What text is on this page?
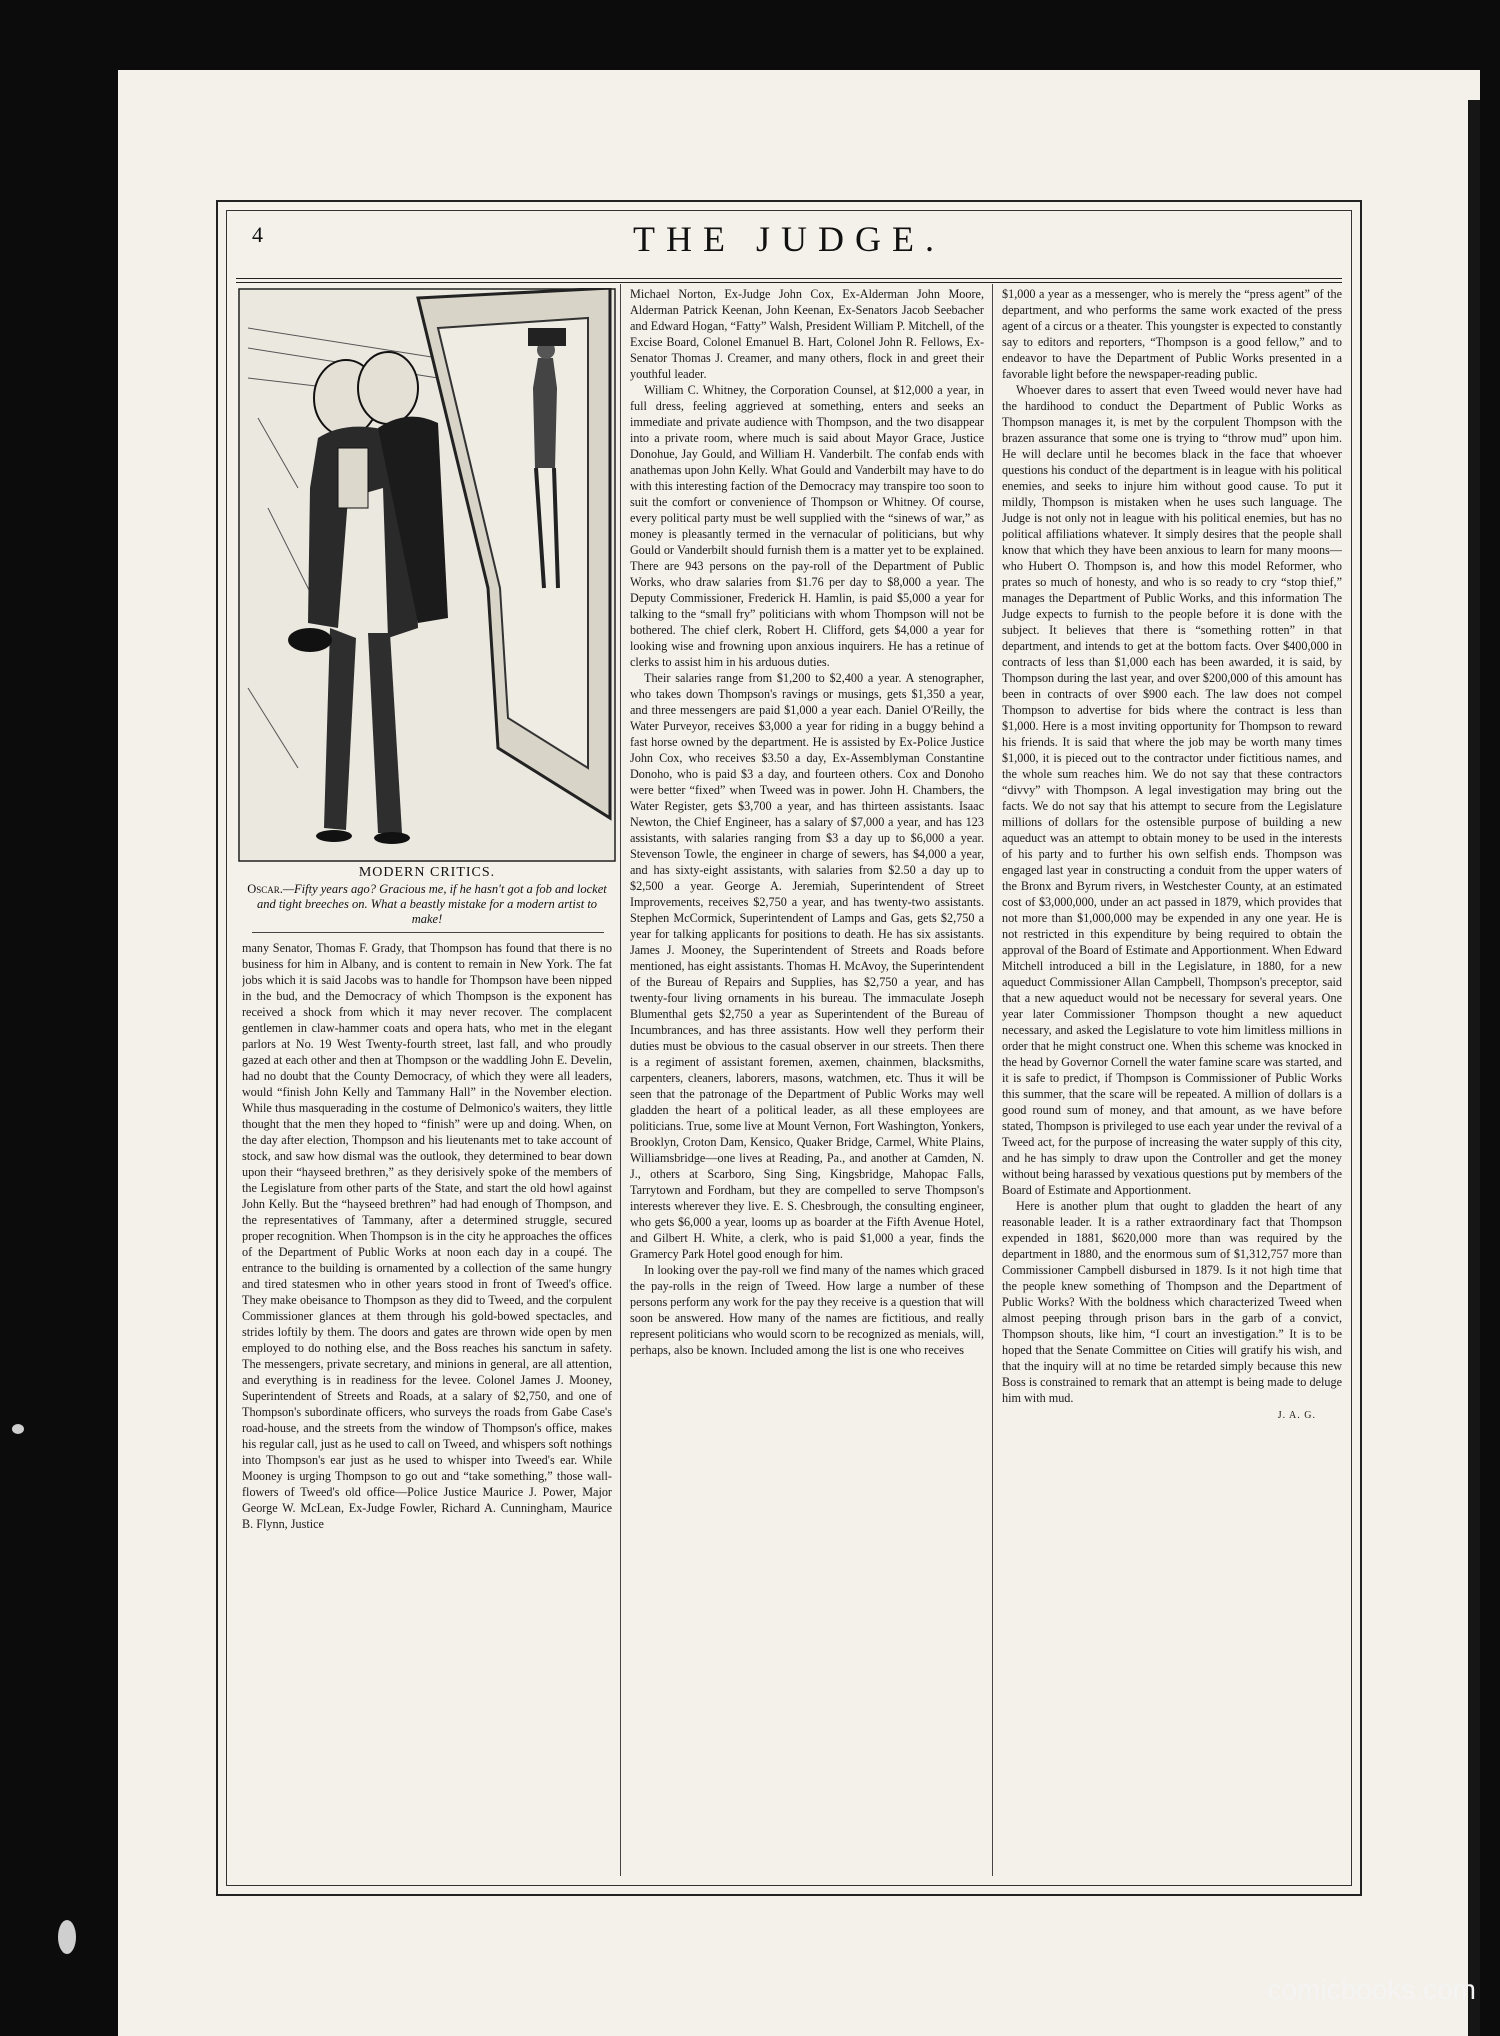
4	THE JUDGE.
MODERN CRITICS.
Oscar.—Fifty years ago? Gracious me, if he hasn't got a fob and locket and tight breeches on. What a beastly mistake for a modern artist to make!

many Senator, Thomas F. Grady, that Thompson has found that there is no business for him in Albany, and is content to remain in New York. The fat jobs which it is said Jacobs was to handle for Thompson have been nipped in the bud, and the Democracy of which Thompson is the exponent has received a shock from which it may never recover. The complacent gentlemen in claw-hammer coats and opera hats, who met in the elegant parlors at No. 19 West Twenty-fourth street, last fall, and who proudly gazed at each other and then at Thompson or the waddling John E. Develin, had no doubt that the County Democracy, of which they were all leaders, would “finish John Kelly and Tammany Hall” in the November election. While thus masquerading in the costume of Delmonico's waiters, they little thought that the men they hoped to “finish” were up and doing. When, on the day after election, Thompson and his lieutenants met to take account of stock, and saw how dismal was the outlook, they determined to bear down upon their “hayseed brethren,” as they derisively spoke of the members of the Legislature from other parts of the State, and start the old howl against John Kelly. But the “hayseed brethren” had had enough of Thompson, and the representatives of Tammany, after a determined struggle, secured proper recognition. When Thompson is in the city he approaches the offices of the Department of Public Works at noon each day in a coupé. The entrance to the building is ornamented by a collection of the same hungry and tired statesmen who in other years stood in front of Tweed's office. They make obeisance to Thompson as they did to Tweed, and the corpulent Commissioner glances at them through his gold-bowed spectacles, and strides loftily by them. The doors and gates are thrown wide open by men employed to do nothing else, and the Boss reaches his sanctum in safety. The messengers, private secretary, and minions in general, are all attention, and everything is in readiness for the levee. Colonel James J. Mooney, Superintendent of Streets and Roads, at a salary of $2,750, and one of Thompson's subordinate officers, who surveys the roads from Gabe Case's road-house, and the streets from the window of Thompson's office, makes his regular call, just as he used to call on Tweed, and whispers soft nothings into Thompson's ear just as he used to whisper into Tweed's ear. While Mooney is urging Thompson to go out and “take something,” those wall-flowers of Tweed's old office—Police Justice Maurice J. Power, Major George W. McLean, Ex-Judge Fowler, Richard A. Cunningham, Maurice B. Flynn, Justice

Michael Norton, Ex-Judge John Cox, Ex-Alderman John Moore, Alderman Patrick Keenan, John Keenan, Ex-Senators Jacob Seebacher and Edward Hogan, “Fatty” Walsh, President William P. Mitchell, of the Excise Board, Colonel Emanuel B. Hart, Colonel John R. Fellows, Ex-Senator Thomas J. Creamer, and many others, flock in and greet their youthful leader.

William C. Whitney, the Corporation Counsel, at $12,000 a year, in full dress, feeling aggrieved at something, enters and seeks an immediate and private audience with Thompson, and the two disappear into a private room, where much is said about Mayor Grace, Justice Donohue, Jay Gould, and William H. Vanderbilt. The confab ends with anathemas upon John Kelly. What Gould and Vanderbilt may have to do with this interesting faction of the Democracy may transpire too soon to suit the comfort or convenience of Thompson or Whitney. Of course, every political party must be well supplied with the “sinews of war,” as money is pleasantly termed in the vernacular of politicians, but why Gould or Vanderbilt should furnish them is a matter yet to be explained. There are 943 persons on the pay-roll of the Department of Public Works, who draw salaries from $1.76 per day to $8,000 a year. The Deputy Commissioner, Frederick H. Hamlin, is paid $5,000 a year for talking to the “small fry” politicians with whom Thompson will not be bothered. The chief clerk, Robert H. Clifford, gets $4,000 a year for looking wise and frowning upon anxious inquirers. He has a retinue of clerks to assist him in his arduous duties.

Their salaries range from $1,200 to $2,400 a year. A stenographer, who takes down Thompson's ravings or musings, gets $1,350 a year, and three messengers are paid $1,000 a year each. Daniel O'Reilly, the Water Purveyor, receives $3,000 a year for riding in a buggy behind a fast horse owned by the department. He is assisted by Ex-Police Justice John Cox, who receives $3.50 a day, Ex-Assemblyman Constantine Donoho, who is paid $3 a day, and fourteen others. Cox and Donoho were better “fixed” when Tweed was in power. John H. Chambers, the Water Register, gets $3,700 a year, and has thirteen assistants. Isaac Newton, the Chief Engineer, has a salary of $7,000 a year, and has 123 assistants, with salaries ranging from $3 a day up to $6,000 a year. Stevenson Towle, the engineer in charge of sewers, has $4,000 a year, and has sixty-eight assistants, with salaries from $2.50 a day up to $2,500 a year. George A. Jeremiah, Superintendent of Street Improvements, receives $2,750 a year, and has twenty-two assistants. Stephen McCormick, Superintendent of Lamps and Gas, gets $2,750 a year for talking applicants for positions to death. He has six assistants. James J. Mooney, the Superintendent of Streets and Roads before mentioned, has eight assistants. Thomas H. McAvoy, the Superintendent of the Bureau of Repairs and Supplies, has $2,750 a year, and has twenty-four living ornaments in his bureau. The immaculate Joseph Blumenthal gets $2,750 a year as Superintendent of the Bureau of Incumbrances, and has three assistants. How well they perform their duties must be obvious to the casual observer in our streets. Then there is a regiment of assistant foremen, axemen, chainmen, blacksmiths, carpenters, cleaners, laborers, masons, watchmen, etc. Thus it will be seen that the patronage of the Department of Public Works may well gladden the heart of a political leader, as all these employees are politicians. True, some live at Mount Vernon, Fort Washington, Yonkers, Brooklyn, Croton Dam, Kensico, Quaker Bridge, Carmel, White Plains, Williamsbridge—one lives at Reading, Pa., and another at Camden, N. J., others at Scarboro, Sing Sing, Kingsbridge, Mahopac Falls, Tarrytown and Fordham, but they are compelled to serve Thompson's interests wherever they live. E. S. Chesbrough, the consulting engineer, who gets $6,000 a year, looms up as boarder at the Fifth Avenue Hotel, and Gilbert H. White, a clerk, who is paid $1,000 a year, finds the Gramercy Park Hotel good enough for him.

In looking over the pay-roll we find many of the names which graced the pay-rolls in the reign of Tweed. How large a number of these persons perform any work for the pay they receive is a question that will soon be answered. How many of the names are fictitious, and really represent politicians who would scorn to be recognized as menials, will, perhaps, also be known. Included among the list is one who receives

$1,000 a year as a messenger, who is merely the “press agent” of the department, and who performs the same work exacted of the press agent of a circus or a theater. This youngster is expected to constantly say to editors and reporters, “Thompson is a good fellow,” and to endeavor to have the Department of Public Works presented in a favorable light before the newspaper-reading public.

Whoever dares to assert that even Tweed would never have had the hardihood to conduct the Department of Public Works as Thompson manages it, is met by the corpulent Thompson with the brazen assurance that some one is trying to “throw mud” upon him. He will declare until he becomes black in the face that whoever questions his conduct of the department is in league with his political enemies, and seeks to injure him without good cause. To put it mildly, Thompson is mistaken when he uses such language. The Judge is not only not in league with his political enemies, but has no political affiliations whatever. It simply desires that the people shall know that which they have been anxious to learn for many moons—who Hubert O. Thompson is, and how this model Reformer, who prates so much of honesty, and who is so ready to cry “stop thief,” manages the Department of Public Works, and this information The Judge expects to furnish to the people before it is done with the subject. It believes that there is “something rotten” in that department, and intends to get at the bottom facts. Over $400,000 in contracts of less than $1,000 each has been awarded, it is said, by Thompson during the last year, and over $200,000 of this amount has been in contracts of over $900 each. The law does not compel Thompson to advertise for bids where the contract is less than $1,000. Here is a most inviting opportunity for Thompson to reward his friends. It is said that where the job may be worth many times $1,000, it is pieced out to the contractor under fictitious names, and the whole sum reaches him. We do not say that these contractors “divvy” with Thompson. A legal investigation may bring out the facts. We do not say that his attempt to secure from the Legislature millions of dollars for the ostensible purpose of building a new aqueduct was an attempt to obtain money to be used in the interests of his party and to further his own selfish ends. Thompson was engaged last year in constructing a conduit from the upper waters of the Bronx and Byrum rivers, in Westchester County, at an estimated cost of $3,000,000, under an act passed in 1879, which provides that not more than $1,000,000 may be expended in any one year. He is not restricted in this expenditure by being required to obtain the approval of the Board of Estimate and Apportionment. When Edward Mitchell introduced a bill in the Legislature, in 1880, for a new aqueduct Commissioner Allan Campbell, Thompson's preceptor, said that a new aqueduct would not be necessary for several years. One year later Commissioner Thompson thought a new aqueduct necessary, and asked the Legislature to vote him limitless millions in order that he might construct one. When this scheme was knocked in the head by Governor Cornell the water famine scare was started, and it is safe to predict, if Thompson is Commissioner of Public Works this summer, that the scare will be repeated. A million of dollars is a good round sum of money, and that amount, as we have before stated, Thompson is privileged to use each year under the revival of a Tweed act, for the purpose of increasing the water supply of this city, and he has simply to draw upon the Controller and get the money without being harassed by vexatious questions put by members of the Board of Estimate and Apportionment.

Here is another plum that ought to gladden the heart of any reasonable leader. It is a rather extraordinary fact that Thompson expended in 1881, $620,000 more than was required by the department in 1880, and the enormous sum of $1,312,757 more than Commissioner Campbell disbursed in 1879. Is it not high time that the people knew something of Thompson and the Department of Public Works? With the boldness which characterized Tweed when almost peeping through prison bars in the garb of a convict, Thompson shouts, like him, “I court an investigation.” It is to be hoped that the Senate Committee on Cities will gratify his wish, and that the inquiry will at no time be retarded simply because this new Boss is constrained to remark that an attempt is being made to deluge him with mud.

J. A. G.
comicbooks.com
